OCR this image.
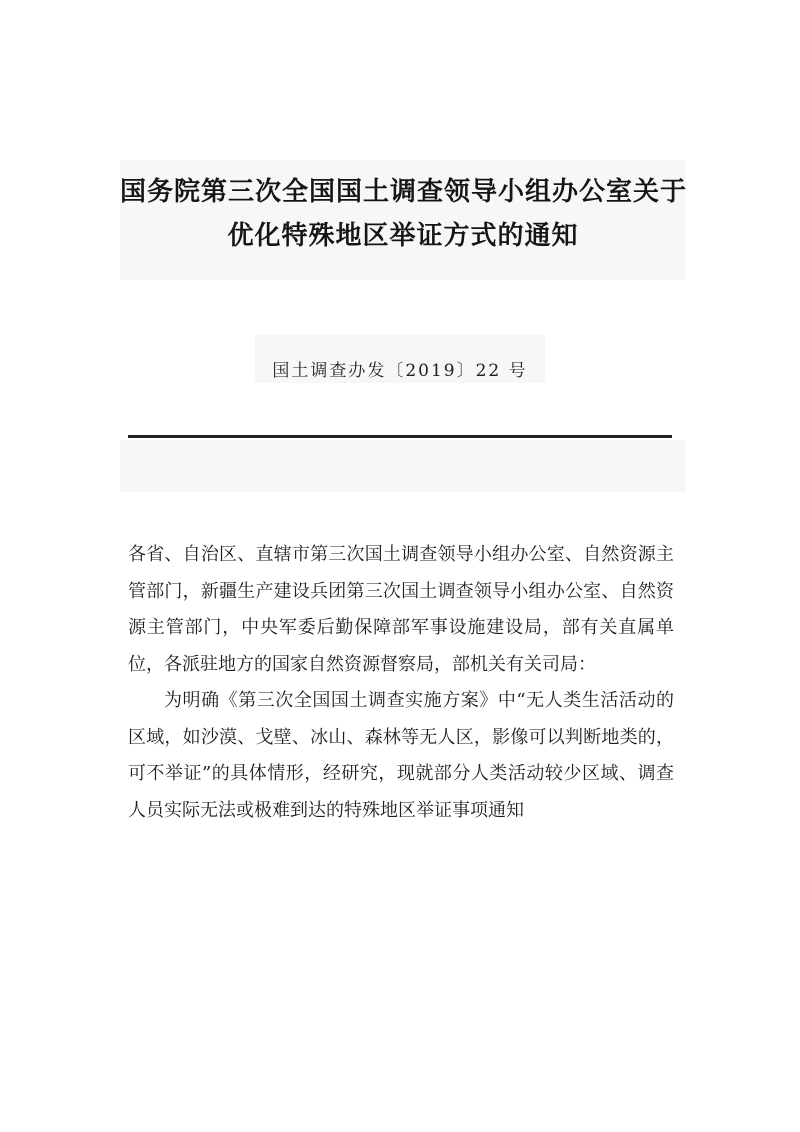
国务院第三次全国国土调查领导小组办公室关于
优化特殊地区举证方式的通知
国土调查办发〔2019〕22 号

各省、自治区、直辖市第三次国土调查领导小组办公室、自然资源主管部门，新疆生产建设兵团第三次国土调查领导小组办公室、自然资源主管部门，中央军委后勤保障部军事设施建设局，部有关直属单位，各派驻地方的国家自然资源督察局，部机关有关司局：

为明确《第三次全国国土调查实施方案》中“无人类生活活动的区域，如沙漠、戈壁、冰山、森林等无人区，影像可以判断地类的，可不举证”的具体情形，经研究，现就部分人类活动较少区域、调查人员实际无法或极难到达的特殊地区举证事项通知
